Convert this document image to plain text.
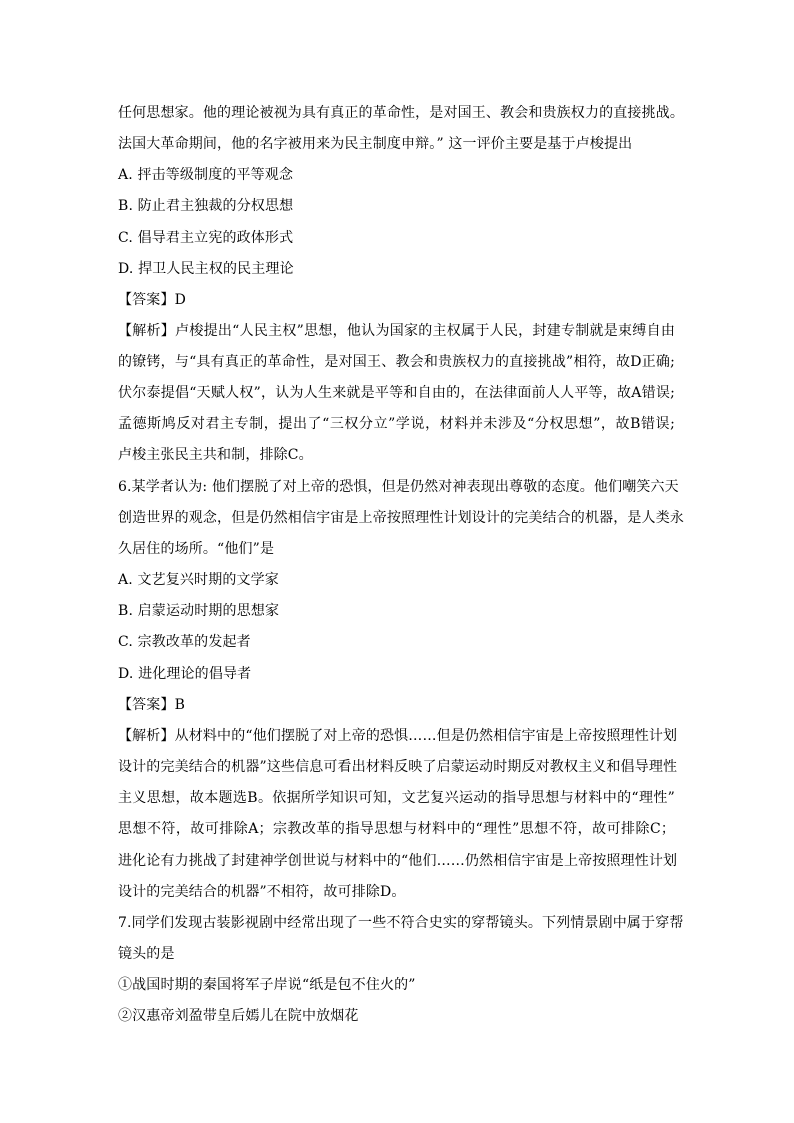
任何思想家。他的理论被视为具有真正的革命性，是对国王、教会和贵族权力的直接挑战。
法国大革命期间，他的名字被用来为民主制度申辩。” 这一评价主要是基于卢梭提出
A. 抨击等级制度的平等观念
B. 防止君主独裁的分权思想
C. 倡导君主立宪的政体形式
D. 捍卫人民主权的民主理论
【答案】D
【解析】卢梭提出“人民主权”思想，他认为国家的主权属于人民，封建专制就是束缚自由
的镣铐，与“具有真正的革命性，是对国王、教会和贵族权力的直接挑战”相符，故D正确;
伏尔泰提倡“天赋人权”，认为人生来就是平等和自由的，在法律面前人人平等，故A错误;
孟德斯鸠反对君主专制，提出了“三权分立”学说，材料并未涉及“分权思想”，故B错误;
卢梭主张民主共和制，排除C。
6.某学者认为: 他们摆脱了对上帝的恐惧，但是仍然对神表现出尊敬的态度。他们嘲笑六天
创造世界的观念，但是仍然相信宇宙是上帝按照理性计划设计的完美结合的机器，是人类永
久居住的场所。“他们”是
A. 文艺复兴时期的文学家
B. 启蒙运动时期的思想家
C. 宗教改革的发起者
D. 进化理论的倡导者
【答案】B
【解析】从材料中的“他们摆脱了对上帝的恐惧……但是仍然相信宇宙是上帝按照理性计划
设计的完美结合的机器”这些信息可看出材料反映了启蒙运动时期反对教权主义和倡导理性
主义思想，故本题选B。依据所学知识可知，文艺复兴运动的指导思想与材料中的“理性”
思想不符，故可排除A；宗教改革的指导思想与材料中的“理性”思想不符，故可排除C；
进化论有力挑战了封建神学创世说与材料中的“他们……仍然相信宇宙是上帝按照理性计划
设计的完美结合的机器”不相符，故可排除D。
7.同学们发现古装影视剧中经常出现了一些不符合史实的穿帮镜头。下列情景剧中属于穿帮
镜头的是
①战国时期的秦国将军子岸说“纸是包不住火的”
②汉惠帝刘盈带皇后嫣儿在院中放烟花
